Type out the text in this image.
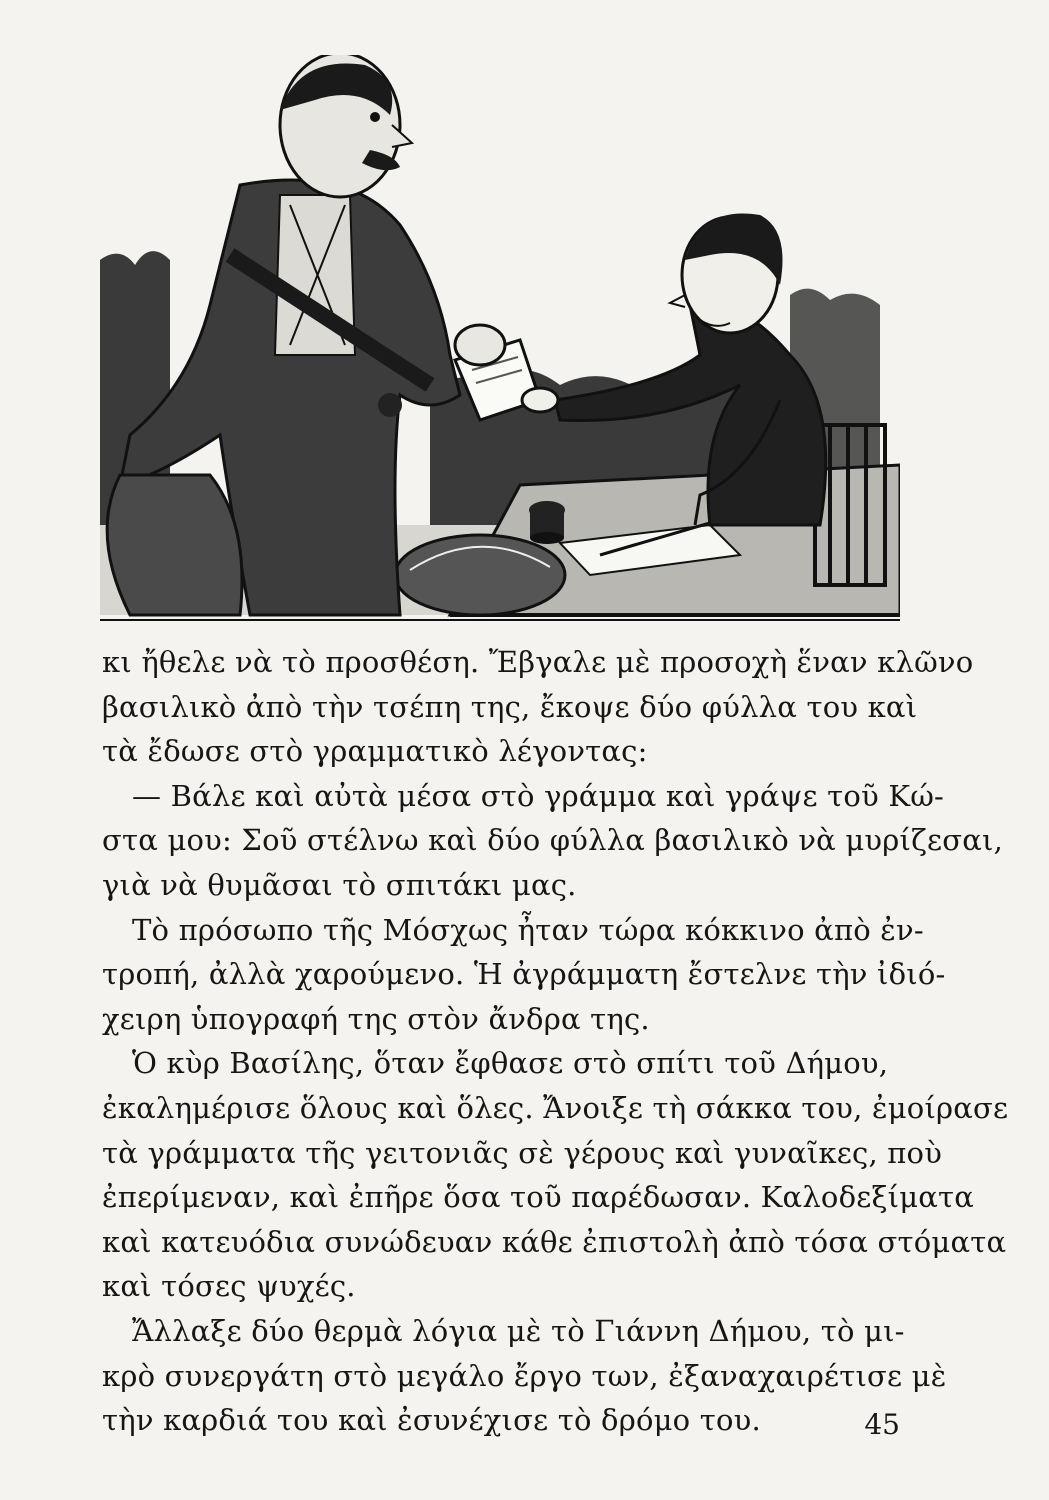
κι ἤθελε νὰ τὸ προσθέση. Ἔβγαλε μὲ προσοχὴ ἕναν κλῶνο
βασιλικὸ ἀπὸ τὴν τσέπη της, ἔκοψε δύο φύλλα του καὶ
τὰ ἔδωσε στὸ γραμματικὸ λέγοντας:
— Βάλε καὶ αὐτὰ μέσα στὸ γράμμα καὶ γράψε τοῦ Κώ-
στα μου: Σοῦ στέλνω καὶ δύο φύλλα βασιλικὸ νὰ μυρίζεσαι,
γιὰ νὰ θυμᾶσαι τὸ σπιτάκι μας.
Τὸ πρόσωπο τῆς Μόσχως ἦταν τώρα κόκκινο ἀπὸ ἐν-
τροπή, ἀλλὰ χαρούμενο. Ἡ ἀγράμματη ἔστελνε τὴν ἰδιό-
χειρη ὑπογραφή της στὸν ἄνδρα της.
Ὁ κὺρ Βασίλης, ὅταν ἔφθασε στὸ σπίτι τοῦ Δήμου,
ἐκαλημέρισε ὅλους καὶ ὅλες. Ἄνοιξε τὴ σάκκα του, ἐμοίρασε
τὰ γράμματα τῆς γειτονιᾶς σὲ γέρους καὶ γυναῖκες, ποὺ
ἐπερίμεναν, καὶ ἐπῆρε ὅσα τοῦ παρέδωσαν. Καλοδεξίματα
καὶ κατευόδια συνώδευαν κάθε ἐπιστολὴ ἀπὸ τόσα στόματα
καὶ τόσες ψυχές.
Ἄλλαξε δύο θερμὰ λόγια μὲ τὸ Γιάννη Δήμου, τὸ μι-
κρὸ συνεργάτη στὸ μεγάλο ἔργο των, ἐξαναχαιρέτισε μὲ
τὴν καρδιά του καὶ ἐσυνέχισε τὸ δρόμο του.	45
